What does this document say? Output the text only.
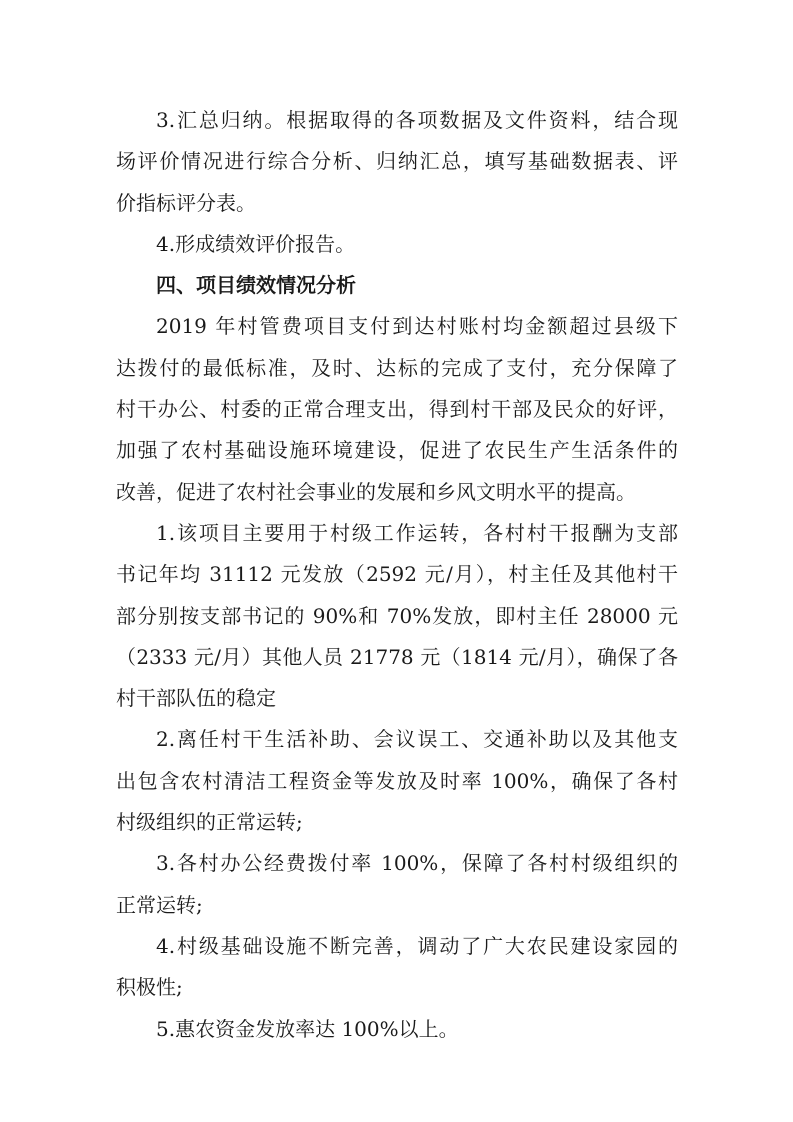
3.汇总归纳。根据取得的各项数据及文件资料，结合现
场评价情况进行综合分析、归纳汇总，填写基础数据表、评
价指标评分表。
4.形成绩效评价报告。
四、项目绩效情况分析
2019 年村管费项目支付到达村账村均金额超过县级下
达拨付的最低标准，及时、达标的完成了支付，充分保障了
村干办公、村委的正常合理支出，得到村干部及民众的好评，
加强了农村基础设施环境建设，促进了农民生产生活条件的
改善，促进了农村社会事业的发展和乡风文明水平的提高。
1.该项目主要用于村级工作运转，各村村干报酬为支部
书记年均 31112 元发放（2592 元/月），村主任及其他村干
部分别按支部书记的 90%和 70%发放，即村主任 28000 元
（2333 元/月）其他人员 21778 元（1814 元/月），确保了各
村干部队伍的稳定
2.离任村干生活补助、会议误工、交通补助以及其他支
出包含农村清洁工程资金等发放及时率 100%，确保了各村
村级组织的正常运转;
3.各村办公经费拨付率 100%，保障了各村村级组织的
正常运转;
4.村级基础设施不断完善，调动了广大农民建设家园的
积极性;
5.惠农资金发放率达 100%以上。
